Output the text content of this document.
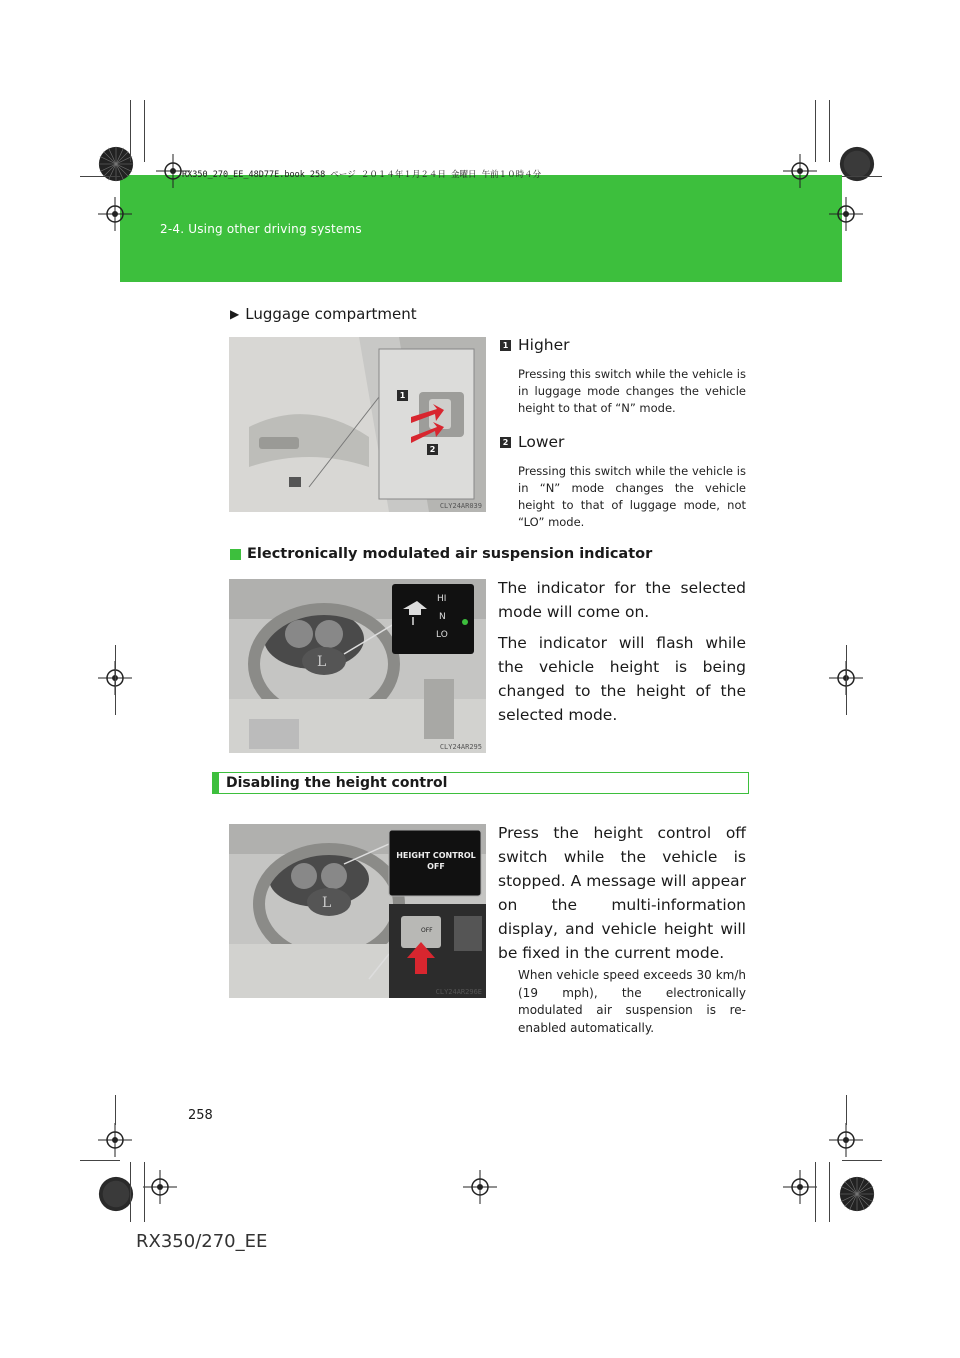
2-4. Using other driving systems
RX350_270_EE_48D77E.book 258 ページ ２０１４年１月２４日 金曜日 午前１０時４分
▶ Luggage compartment
1
2
CLY24AR039
1 Higher
Pressing this switch while the vehicle is in luggage mode changes the vehicle height to that of “N” mode.
2 Lower
Pressing this switch while the vehicle is in “N” mode changes the vehicle height to that of luggage mode, not “LO” mode.
Electronically modulated air suspension indicator
L
HI
N
LO
CLY24AR295
The indicator for the selected mode will come on.
The indicator will flash while the vehicle height is being changed to the height of the selected mode.
Disabling the height control
L
HEIGHT CONTROL
OFF
OFF
CLY24AR296E
Press the height control off switch while the vehicle is stopped. A message will appear on the multi-information display, and vehicle height will be fixed in the current mode.
When vehicle speed exceeds 30 km/h (19 mph), the electronically modulated air suspension is re-enabled automatically.
258
RX350/270_EE
